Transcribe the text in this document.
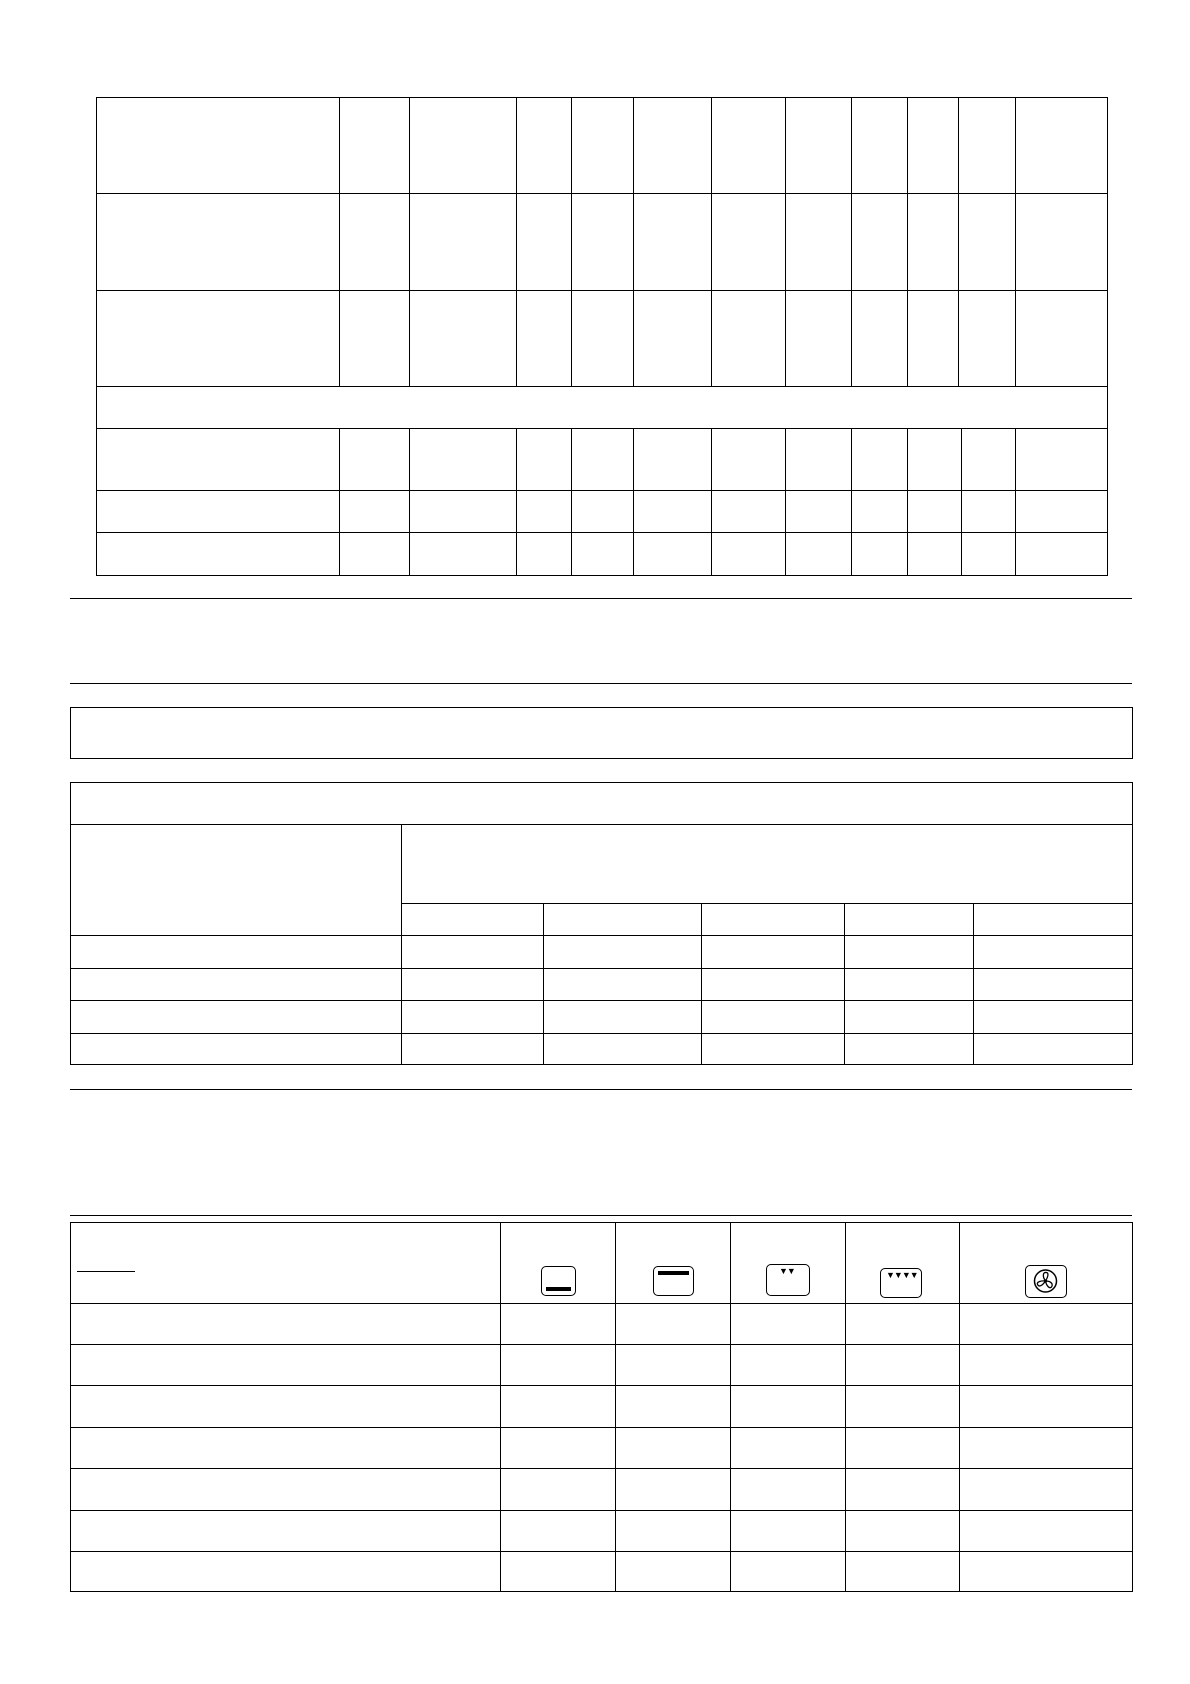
▼▼	▼▼▼▼
